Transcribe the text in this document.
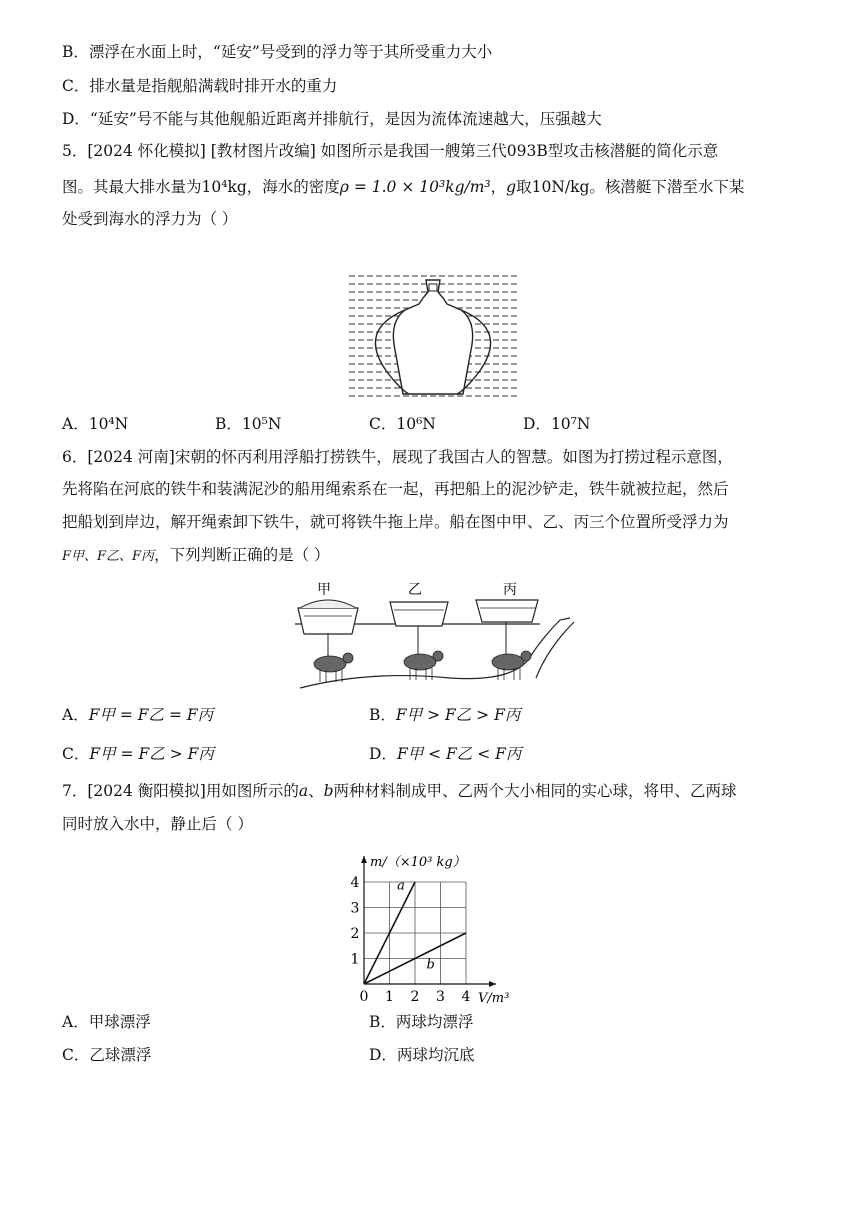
B．漂浮在水面上时，“延安”号受到的浮力等于其所受重力大小
C．排水量是指舰船满载时排开水的重力
D．“延安”号不能与其他舰船近距离并排航行，是因为流体流速越大，压强越大
5．[2024 怀化模拟] [教材图片改编] 如图所示是我国一艘第三代093B型攻击核潜艇的简化示意
图。其最大排水量为10⁴kg，海水的密度ρ = 1.0 × 10³kg/m³，g取10N/kg。核潜艇下潜至水下某
处受到海水的浮力为（ ）
A．10⁴N	B．10⁵N	C．10⁶N	D．10⁷N
6．[2024 河南]宋朝的怀丙利用浮船打捞铁牛，展现了我国古人的智慧。如图为打捞过程示意图，
先将陷在河底的铁牛和装满泥沙的船用绳索系在一起，再把船上的泥沙铲走，铁牛就被拉起，然后
把船划到岸边，解开绳索卸下铁牛，就可将铁牛拖上岸。船在图中甲、乙、丙三个位置所受浮力为
F甲、F乙、F丙，下列判断正确的是（ ）
甲	乙	丙
A．F甲 = F乙 = F丙	B．F甲 > F乙 > F丙
C．F甲 = F乙 > F丙	D．F甲 < F乙 < F丙
7．[2024 衡阳模拟]用如图所示的a、b两种材料制成甲、乙两个大小相同的实心球，将甲、乙两球
同时放入水中，静止后（ ）
0 1 2 3 4
1
2
3
4
m/（×10³ kg）
V/m³
a
b
A．甲球漂浮	B．两球均漂浮
C．乙球漂浮	D．两球均沉底
